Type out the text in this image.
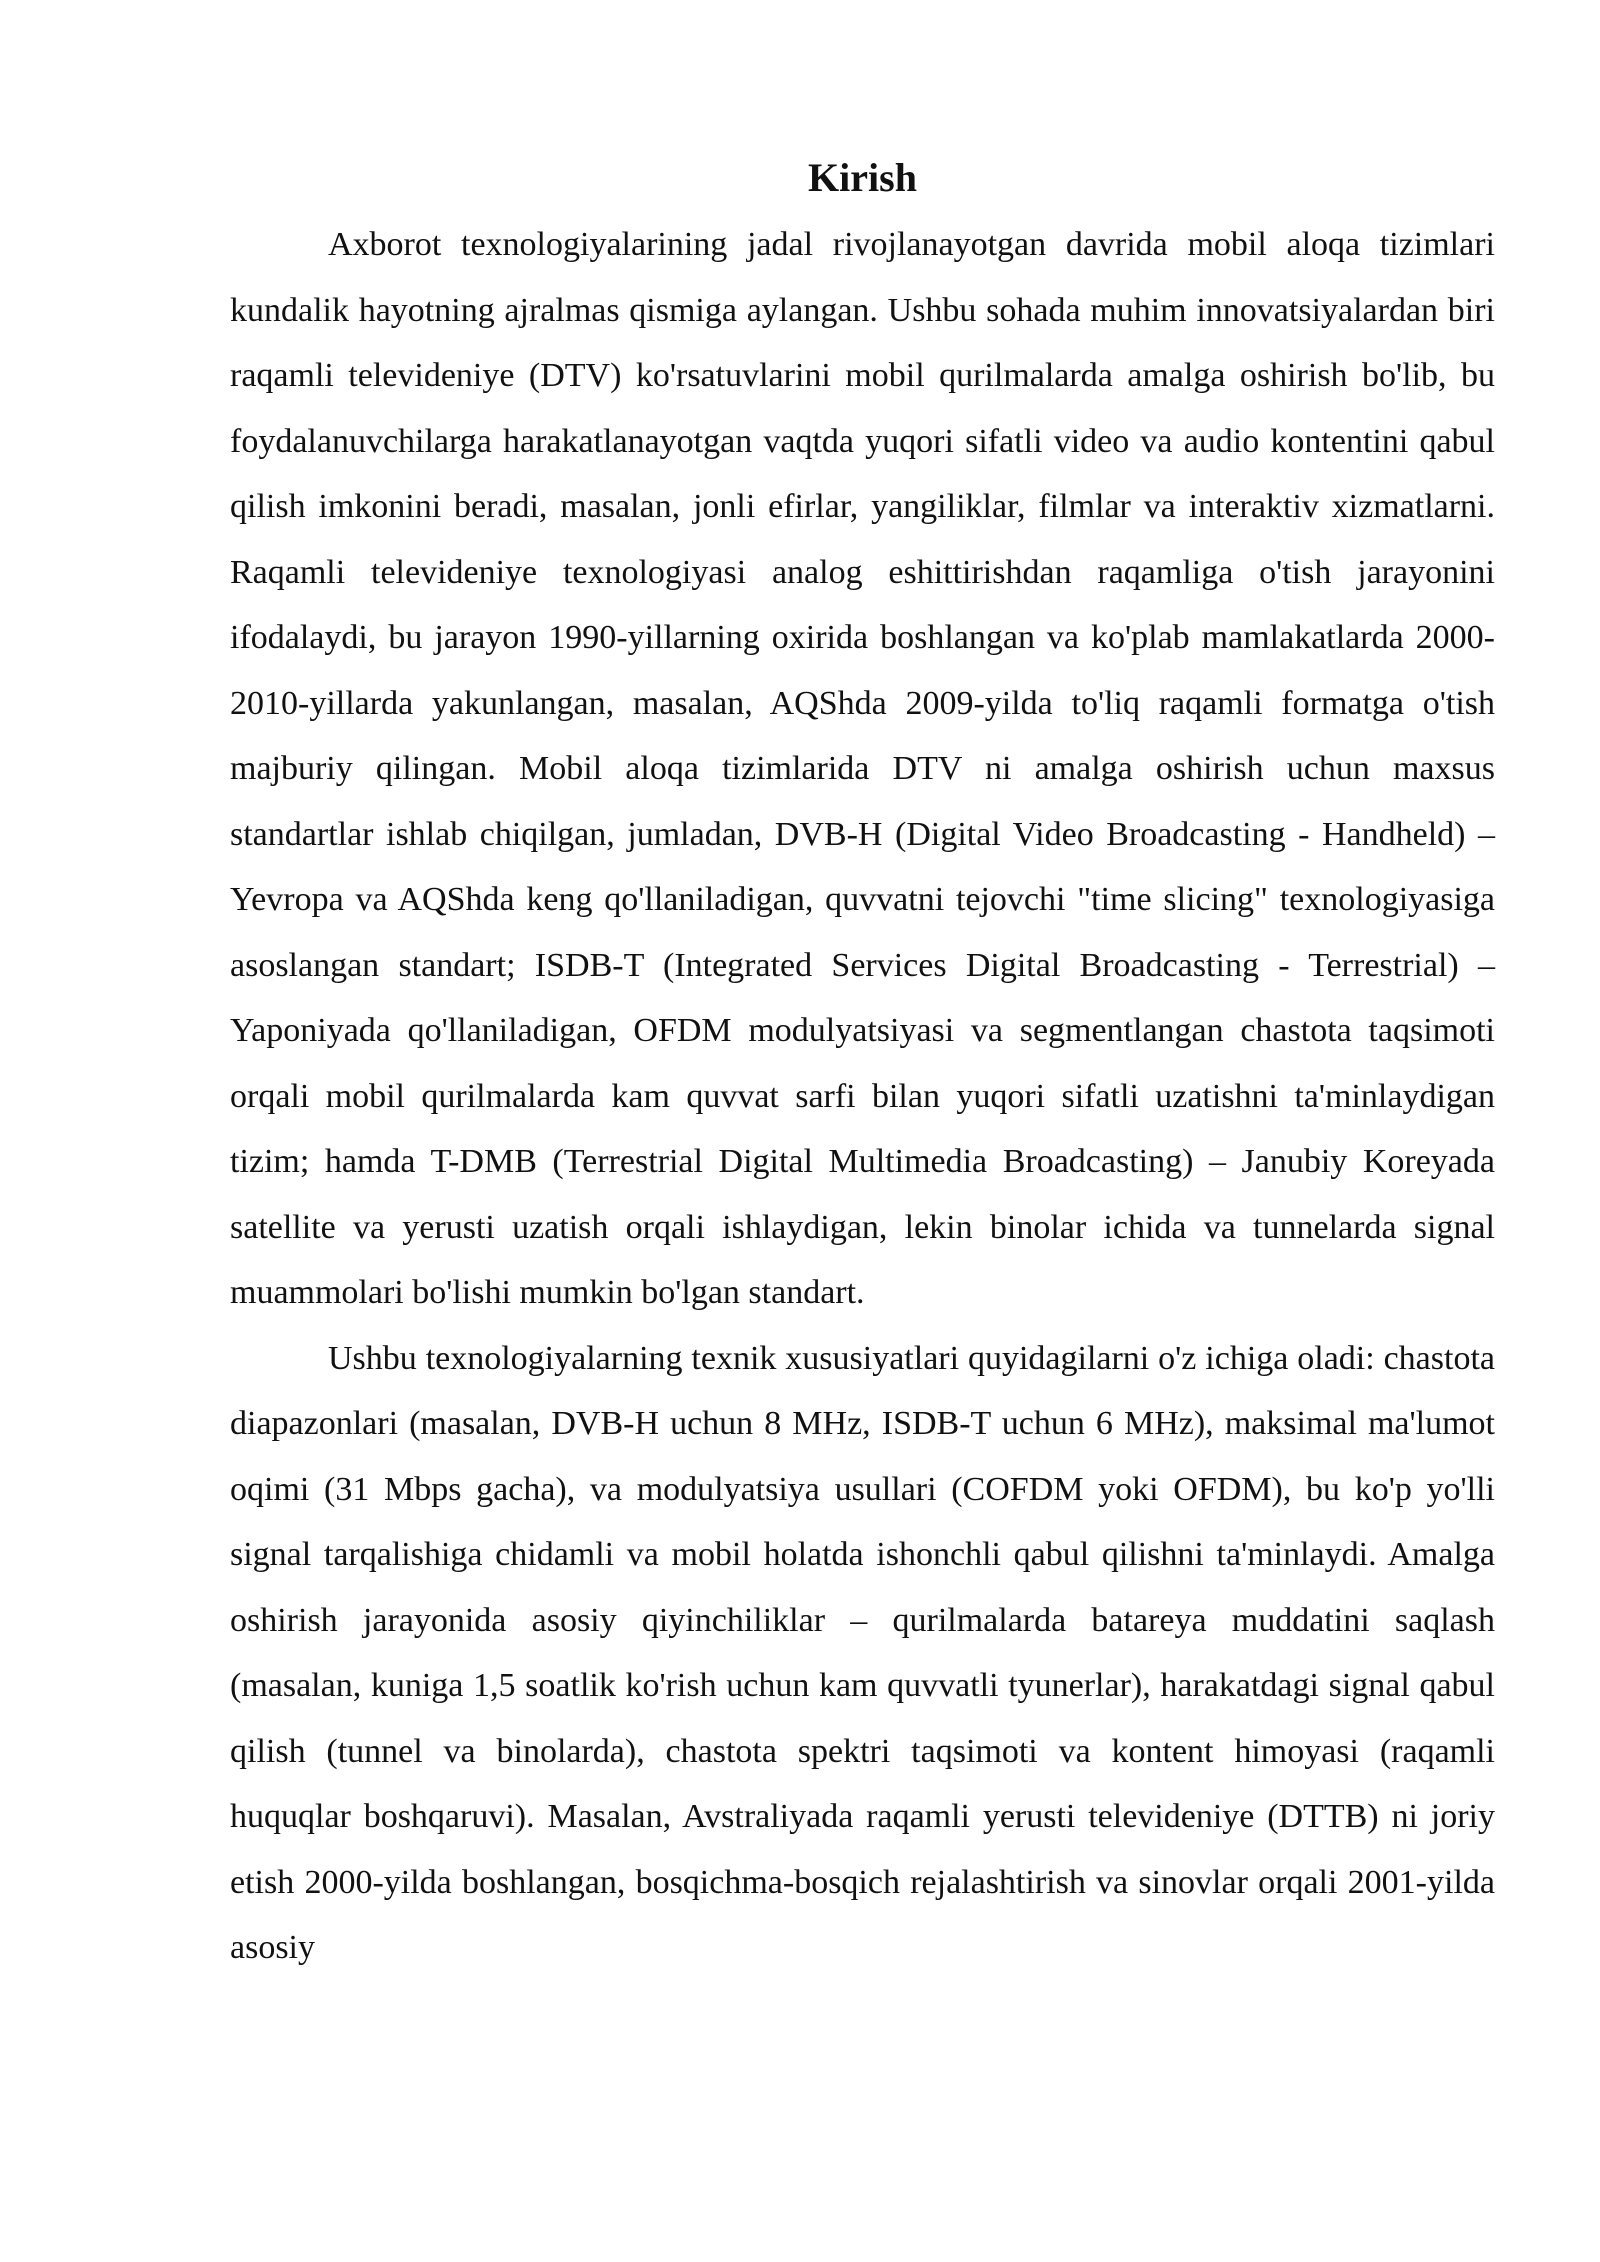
Kirish

Axborot texnologiyalarining jadal rivojlanayotgan davrida mobil aloqa tizimlari kundalik hayotning ajralmas qismiga aylangan. Ushbu sohada muhim innovatsiyalardan biri raqamli televideniye (DTV) ko'rsatuvlarini mobil qurilmalarda amalga oshirish bo'lib, bu foydalanuvchilarga harakatlanayotgan vaqtda yuqori sifatli video va audio kontentini qabul qilish imkonini beradi, masalan, jonli efirlar, yangiliklar, filmlar va interaktiv xizmatlarni. Raqamli televideniye texnologiyasi analog eshittirishdan raqamliga o'tish jarayonini ifodalaydi, bu jarayon 1990-yillarning oxirida boshlangan va ko'plab mamlakatlarda 2000-2010-yillarda yakunlangan, masalan, AQShda 2009-yilda to'liq raqamli formatga o'tish majburiy qilingan. Mobil aloqa tizimlarida DTV ni amalga oshirish uchun maxsus standartlar ishlab chiqilgan, jumladan, DVB-H (Digital Video Broadcasting - Handheld) – Yevropa va AQShda keng qo'llaniladigan, quvvatni tejovchi "time slicing" texnologiyasiga asoslangan standart; ISDB-T (Integrated Services Digital Broadcasting - Terrestrial) – Yaponiyada qo'llaniladigan, OFDM modulyatsiyasi va segmentlangan chastota taqsimoti orqali mobil qurilmalarda kam quvvat sarfi bilan yuqori sifatli uzatishni ta'minlaydigan tizim; hamda T-DMB (Terrestrial Digital Multimedia Broadcasting) – Janubiy Koreyada satellite va yerusti uzatish orqali ishlaydigan, lekin binolar ichida va tunnelarda signal muammolari bo'lishi mumkin bo'lgan standart.

Ushbu texnologiyalarning texnik xususiyatlari quyidagilarni o'z ichiga oladi: chastota diapazonlari (masalan, DVB-H uchun 8 MHz, ISDB-T uchun 6 MHz), maksimal ma'lumot oqimi (31 Mbps gacha), va modulyatsiya usullari (COFDM yoki OFDM), bu ko'p yo'lli signal tarqalishiga chidamli va mobil holatda ishonchli qabul qilishni ta'minlaydi. Amalga oshirish jarayonida asosiy qiyinchiliklar – qurilmalarda batareya muddatini saqlash (masalan, kuniga 1,5 soatlik ko'rish uchun kam quvvatli tyunerlar), harakatdagi signal qabul qilish (tunnel va binolarda), chastota spektri taqsimoti va kontent himoyasi (raqamli huquqlar boshqaruvi). Masalan, Avstraliyada raqamli yerusti televideniye (DTTB) ni joriy etish 2000-yilda boshlangan, bosqichma-bosqich rejalashtirish va sinovlar orqali 2001-yilda asosiy
